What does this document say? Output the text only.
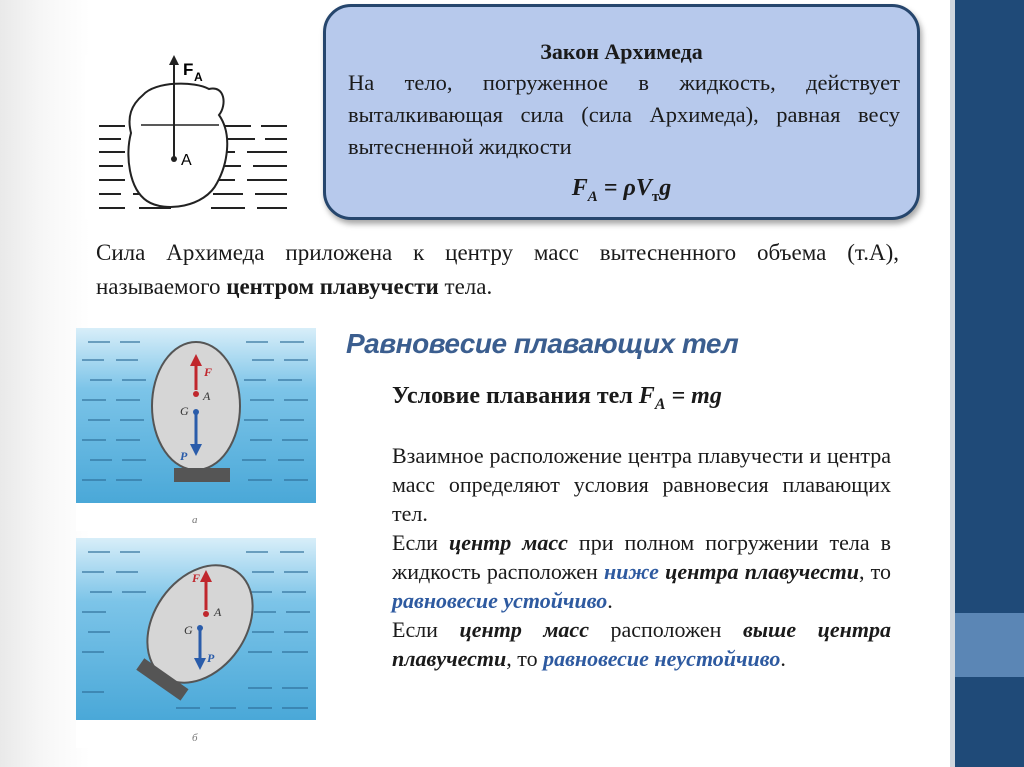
F A
A
Закон Архимеда
На тело, погруженное в жидкость, действует выталкивающая сила (сила Архимеда), равная весу вытесненной жидкости
$F_A = \rho V_тg$
Сила Архимеда приложена к центру масс вытесненного объема (т.А), называемого центром плавучести тела.
F
A
G
P
а
F
A
G
P
б
Равновесие плавающих тел
Условие плавания тел $F_A$ = mg

Взаимное расположение центра плавучести и центра масс определяют условия равновесия плавающих тел.

Если центр масс при полном погружении тела в жидкость расположен ниже центра плавучести, то равновесие устойчиво.

Если центр масс расположен выше центра плавучести, то равновесие неустойчиво.
